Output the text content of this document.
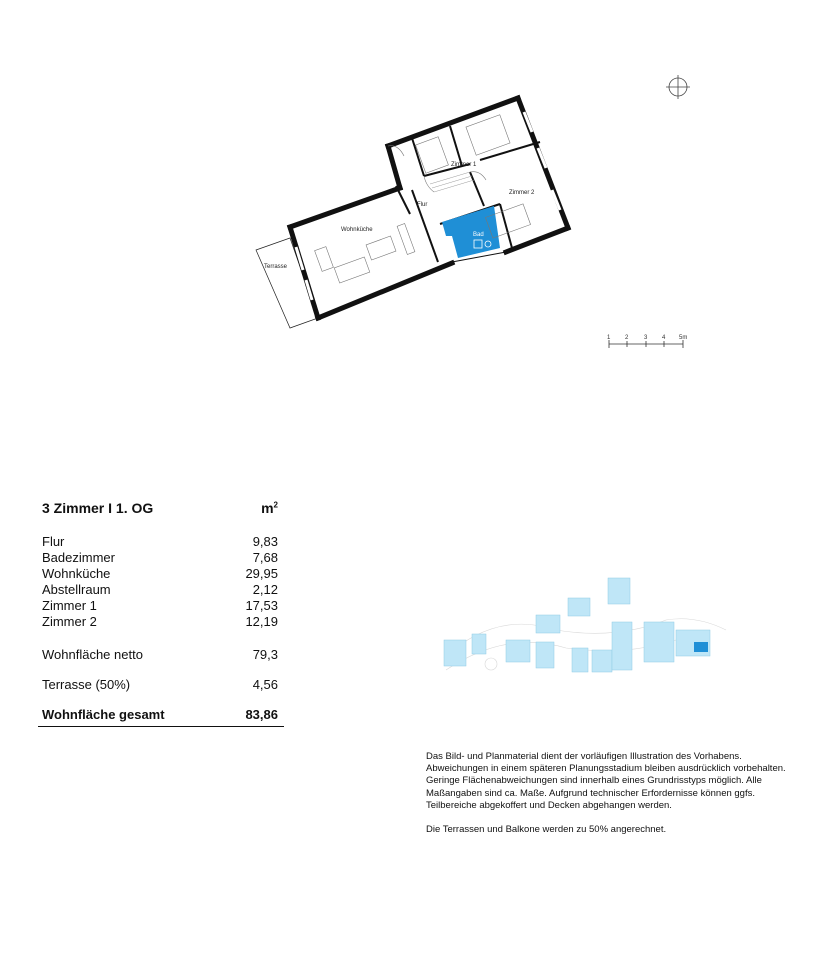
Zimmer 1
Zimmer 2
Flur
Wohnküche
Bad
Terrasse
1 2	3 4 5m
3 Zimmer I 1. OG	$m^2$
Flur	9,83
Badezimmer	7,68
Wohnküche	29,95
Abstellraum	2,12
Zimmer 1	17,53
Zimmer 2	12,19
Wohnfläche netto	79,3
Terrasse (50%)	4,56
Wohnfläche gesamt	83,86

Das Bild- und Planmaterial dient der vorläufigen Illustration des Vorhabens. Abweichungen in einem späteren Planungsstadium bleiben ausdrücklich vorbehalten. Geringe Flächenabweichungen sind innerhalb eines Grundrisstyps möglich. Alle Maßangaben sind ca. Maße. Aufgrund technischer Erfordernisse können ggfs. Teilbereiche abgekoffert und Decken abgehangen werden.

Die Terrassen und Balkone werden zu 50% angerechnet.
